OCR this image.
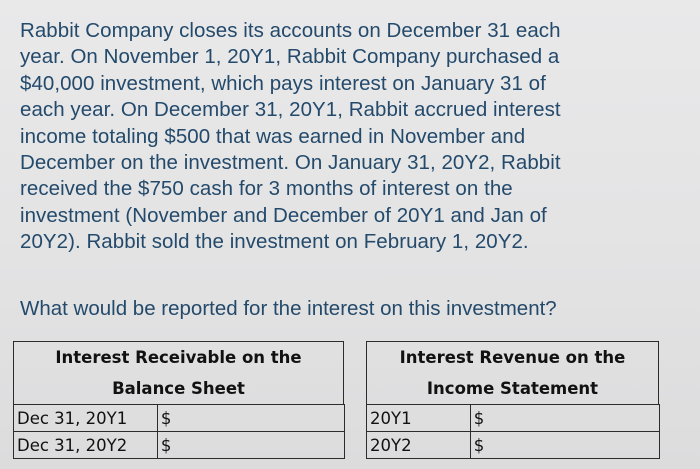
Rabbit Company closes its accounts on December 31 each
year. On November 1, 20Y1, Rabbit Company purchased a
$40,000 investment, which pays interest on January 31 of
each year. On December 31, 20Y1, Rabbit accrued interest
income totaling $500 that was earned in November and
December on the investment. On January 31, 20Y2, Rabbit
received the $750 cash for 3 months of interest on the
investment (November and December of 20Y1 and Jan of
20Y2). Rabbit sold the investment on February 1, 20Y2.

What would be reported for the interest on this investment?

Interest Receivable on the
Balance Sheet
Interest Revenue on the
Income Statement
Dec 31, 20Y1	$
Dec 31, 20Y2	$
20Y1	$
20Y2	$
